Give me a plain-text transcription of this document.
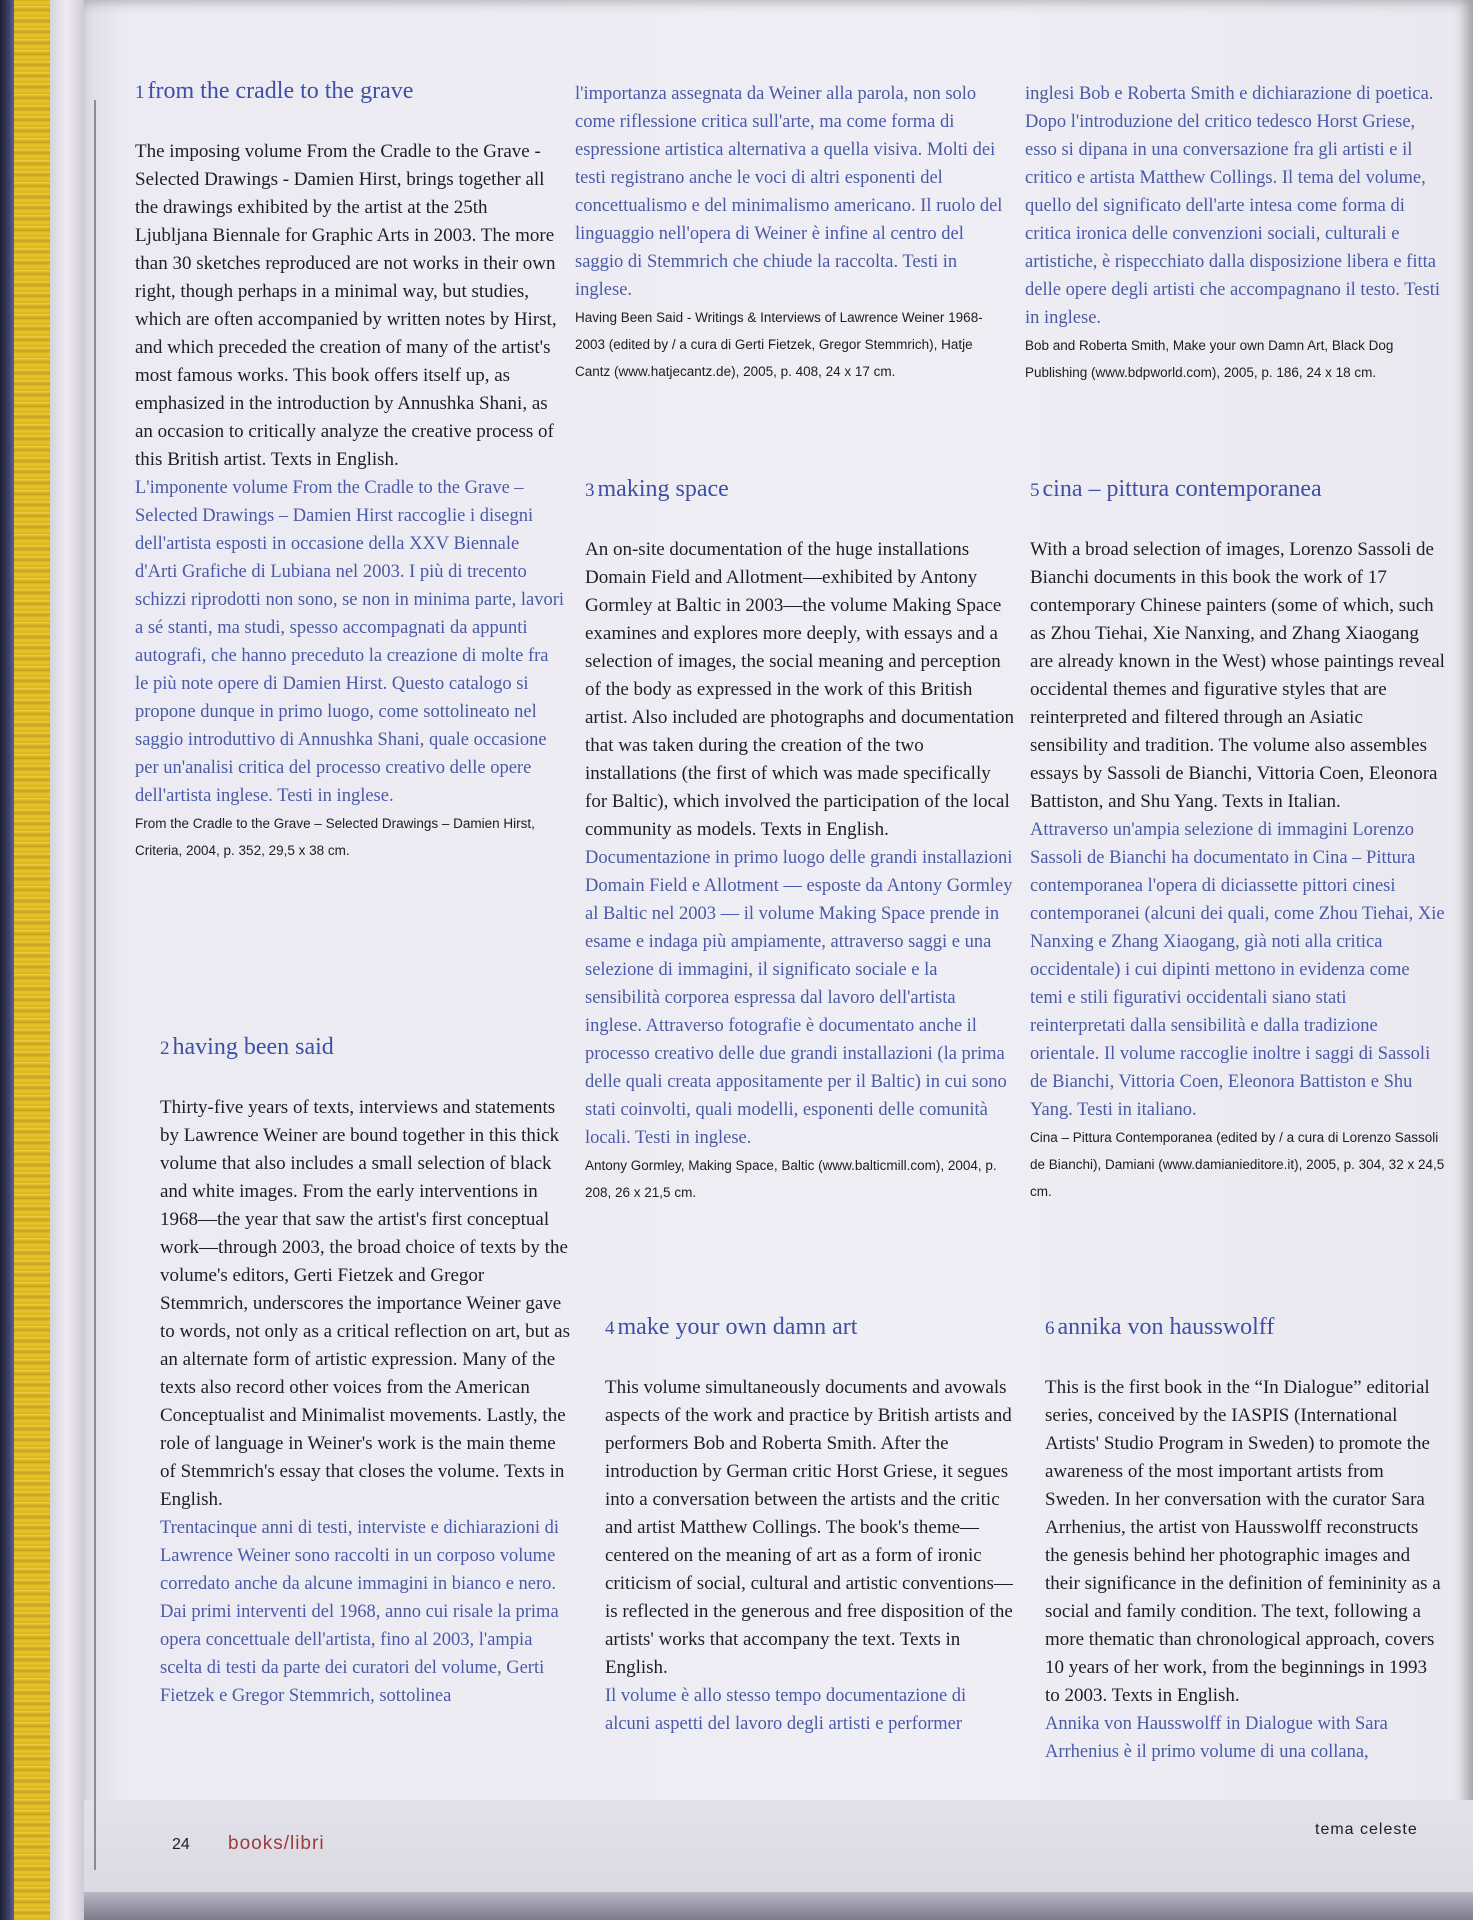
1 from the cradle to the grave

The imposing volume From the Cradle to the Grave - Selected Drawings - Damien Hirst, brings together all the drawings exhibited by the artist at the 25th Ljubljana Biennale for Graphic Arts in 2003. The more than 30 sketches reproduced are not works in their own right, though perhaps in a minimal way, but studies, which are often accompanied by written notes by Hirst, and which preceded the creation of many of the artist's most famous works. This book offers itself up, as emphasized in the introduction by Annushka Shani, as an occasion to critically analyze the creative process of this British artist. Texts in English.

L'imponente volume From the Cradle to the Grave – Selected Drawings – Damien Hirst raccoglie i disegni dell'artista esposti in occasione della XXV Biennale d'Arti Grafiche di Lubiana nel 2003. I più di trecento schizzi riprodotti non sono, se non in minima parte, lavori a sé stanti, ma studi, spesso accompagnati da appunti autografi, che hanno preceduto la creazione di molte fra le più note opere di Damien Hirst. Questo catalogo si propone dunque in primo luogo, come sottolineato nel saggio introduttivo di Annushka Shani, quale occasione per un'analisi critica del processo creativo delle opere dell'artista inglese. Testi in inglese.

From the Cradle to the Grave – Selected Drawings – Damien Hirst, Criteria, 2004, p. 352, 29,5 x 38 cm.

2 having been said

Thirty-five years of texts, interviews and statements by Lawrence Weiner are bound together in this thick volume that also includes a small selection of black and white images. From the early interventions in 1968—the year that saw the artist's first conceptual work—through 2003, the broad choice of texts by the volume's editors, Gerti Fietzek and Gregor Stemmrich, underscores the importance Weiner gave to words, not only as a critical reflection on art, but as an alternate form of artistic expression. Many of the texts also record other voices from the American Conceptualist and Minimalist movements. Lastly, the role of language in Weiner's work is the main theme of Stemmrich's essay that closes the volume. Texts in English.

Trentacinque anni di testi, interviste e dichiarazioni di Lawrence Weiner sono raccolti in un corposo volume corredato anche da alcune immagini in bianco e nero. Dai primi interventi del 1968, anno cui risale la prima opera concettuale dell'artista, fino al 2003, l'ampia scelta di testi da parte dei curatori del volume, Gerti Fietzek e Gregor Stemmrich, sottolinea

l'importanza assegnata da Weiner alla parola, non solo come riflessione critica sull'arte, ma come forma di espressione artistica alternativa a quella visiva. Molti dei testi registrano anche le voci di altri esponenti del concettualismo e del minimalismo americano. Il ruolo del linguaggio nell'opera di Weiner è infine al centro del saggio di Stemmrich che chiude la raccolta. Testi in inglese.

Having Been Said - Writings & Interviews of Lawrence Weiner 1968-2003 (edited by / a cura di Gerti Fietzek, Gregor Stemmrich), Hatje Cantz (www.hatjecantz.de), 2005, p. 408, 24 x 17 cm.

3 making space

An on-site documentation of the huge installations Domain Field and Allotment—exhibited by Antony Gormley at Baltic in 2003—the volume Making Space examines and explores more deeply, with essays and a selection of images, the social meaning and perception of the body as expressed in the work of this British artist. Also included are photographs and documentation that was taken during the creation of the two installations (the first of which was made specifically for Baltic), which involved the participation of the local community as models. Texts in English.

Documentazione in primo luogo delle grandi installazioni Domain Field e Allotment — esposte da Antony Gormley al Baltic nel 2003 — il volume Making Space prende in esame e indaga più ampiamente, attraverso saggi e una selezione di immagini, il significato sociale e la sensibilità corporea espressa dal lavoro dell'artista inglese. Attraverso fotografie è documentato anche il processo creativo delle due grandi installazioni (la prima delle quali creata appositamente per il Baltic) in cui sono stati coinvolti, quali modelli, esponenti delle comunità locali. Testi in inglese.

Antony Gormley, Making Space, Baltic (www.balticmill.com), 2004, p. 208, 26 x 21,5 cm.

4 make your own damn art

This volume simultaneously documents and avowals aspects of the work and practice by British artists and performers Bob and Roberta Smith. After the introduction by German critic Horst Griese, it segues into a conversation between the artists and the critic and artist Matthew Collings. The book's theme—centered on the meaning of art as a form of ironic criticism of social, cultural and artistic conventions—is reflected in the generous and free disposition of the artists' works that accompany the text. Texts in English.

Il volume è allo stesso tempo documentazione di alcuni aspetti del lavoro degli artisti e performer

inglesi Bob e Roberta Smith e dichiarazione di poetica. Dopo l'introduzione del critico tedesco Horst Griese, esso si dipana in una conversazione fra gli artisti e il critico e artista Matthew Collings. Il tema del volume, quello del significato dell'arte intesa come forma di critica ironica delle convenzioni sociali, culturali e artistiche, è rispecchiato dalla disposizione libera e fitta delle opere degli artisti che accompagnano il testo. Testi in inglese.

Bob and Roberta Smith, Make your own Damn Art, Black Dog Publishing (www.bdpworld.com), 2005, p. 186, 24 x 18 cm.

5 cina – pittura contemporanea

With a broad selection of images, Lorenzo Sassoli de Bianchi documents in this book the work of 17 contemporary Chinese painters (some of which, such as Zhou Tiehai, Xie Nanxing, and Zhang Xiaogang are already known in the West) whose paintings reveal occidental themes and figurative styles that are reinterpreted and filtered through an Asiatic sensibility and tradition. The volume also assembles essays by Sassoli de Bianchi, Vittoria Coen, Eleonora Battiston, and Shu Yang. Texts in Italian.

Attraverso un'ampia selezione di immagini Lorenzo Sassoli de Bianchi ha documentato in Cina – Pittura contemporanea l'opera di diciassette pittori cinesi contemporanei (alcuni dei quali, come Zhou Tiehai, Xie Nanxing e Zhang Xiaogang, già noti alla critica occidentale) i cui dipinti mettono in evidenza come temi e stili figurativi occidentali siano stati reinterpretati dalla sensibilità e dalla tradizione orientale. Il volume raccoglie inoltre i saggi di Sassoli de Bianchi, Vittoria Coen, Eleonora Battiston e Shu Yang. Testi in italiano.

Cina – Pittura Contemporanea (edited by / a cura di Lorenzo Sassoli de Bianchi), Damiani (www.damianieditore.it), 2005, p. 304, 32 x 24,5 cm.

6 annika von hausswolff

This is the first book in the “In Dialogue” editorial series, conceived by the IASPIS (International Artists' Studio Program in Sweden) to promote the awareness of the most important artists from Sweden. In her conversation with the curator Sara Arrhenius, the artist von Hausswolff reconstructs the genesis behind her photographic images and their significance in the definition of femininity as a social and family condition. The text, following a more thematic than chronological approach, covers 10 years of her work, from the beginnings in 1993 to 2003. Texts in English.

Annika von Hausswolff in Dialogue with Sara Arrhenius è il primo volume di una collana,

24 books/libri
tema celeste
